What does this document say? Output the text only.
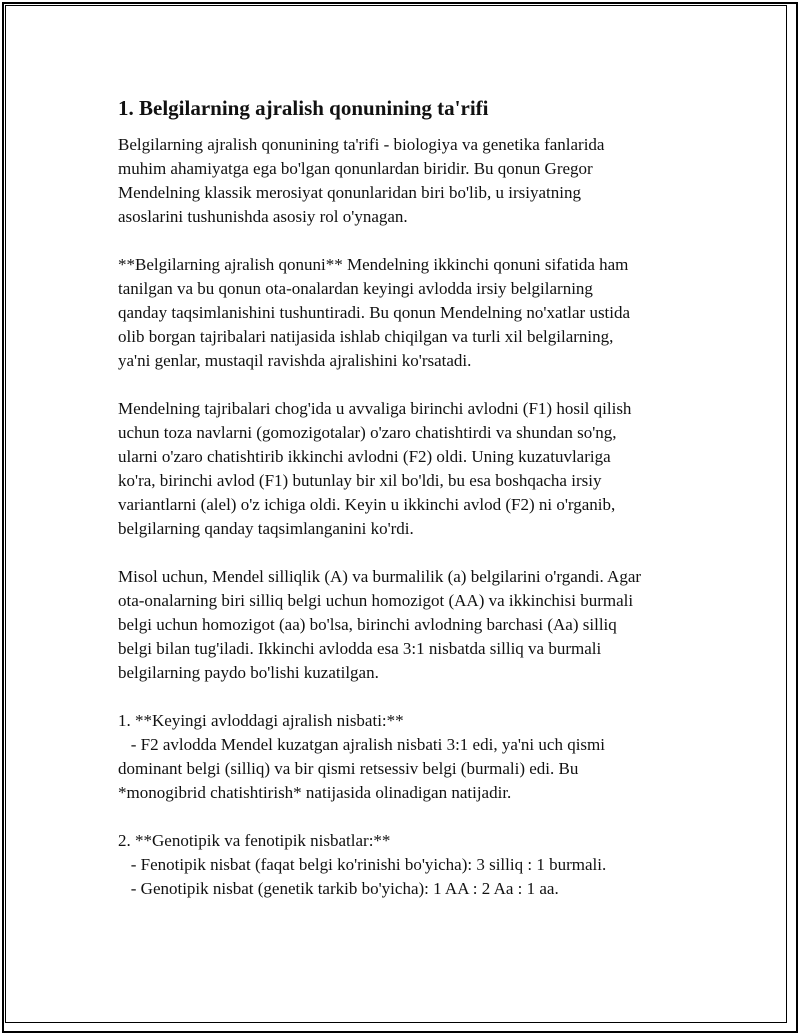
1. Belgilarning ajralish qonunining ta'rifi
Belgilarning ajralish qonunining ta'rifi - biologiya va genetika fanlarida
muhim ahamiyatga ega bo'lgan qonunlardan biridir. Bu qonun Gregor
Mendelning klassik merosiyat qonunlaridan biri bo'lib, u irsiyatning
asoslarini tushunishda asosiy rol o'ynagan.
**Belgilarning ajralish qonuni** Mendelning ikkinchi qonuni sifatida ham
tanilgan va bu qonun ota-onalardan keyingi avlodda irsiy belgilarning
qanday taqsimlanishini tushuntiradi. Bu qonun Mendelning no'xatlar ustida
olib borgan tajribalari natijasida ishlab chiqilgan va turli xil belgilarning,
ya'ni genlar, mustaqil ravishda ajralishini ko'rsatadi.
Mendelning tajribalari chog'ida u avvaliga birinchi avlodni (F1) hosil qilish
uchun toza navlarni (gomozigotalar) o'zaro chatishtirdi va shundan so'ng,
ularni o'zaro chatishtirib ikkinchi avlodni (F2) oldi. Uning kuzatuvlariga
ko'ra, birinchi avlod (F1) butunlay bir xil bo'ldi, bu esa boshqacha irsiy
variantlarni (alel) o'z ichiga oldi. Keyin u ikkinchi avlod (F2) ni o'rganib,
belgilarning qanday taqsimlanganini ko'rdi.
Misol uchun, Mendel silliqlik (A) va burmalilik (a) belgilarini o'rgandi. Agar
ota-onalarning biri silliq belgi uchun homozigot (AA) va ikkinchisi burmali
belgi uchun homozigot (aa) bo'lsa, birinchi avlodning barchasi (Aa) silliq
belgi bilan tug'iladi. Ikkinchi avlodda esa 3:1 nisbatda silliq va burmali
belgilarning paydo bo'lishi kuzatilgan.
1. **Keyingi avloddagi ajralish nisbati:**
- F2 avlodda Mendel kuzatgan ajralish nisbati 3:1 edi, ya'ni uch qismi
dominant belgi (silliq) va bir qismi retsessiv belgi (burmali) edi. Bu
*monogibrid chatishtirish* natijasida olinadigan natijadir.
2. **Genotipik va fenotipik nisbatlar:**
- Fenotipik nisbat (faqat belgi ko'rinishi bo'yicha): 3 silliq : 1 burmali.
- Genotipik nisbat (genetik tarkib bo'yicha): 1 AA : 2 Aa : 1 aa.
